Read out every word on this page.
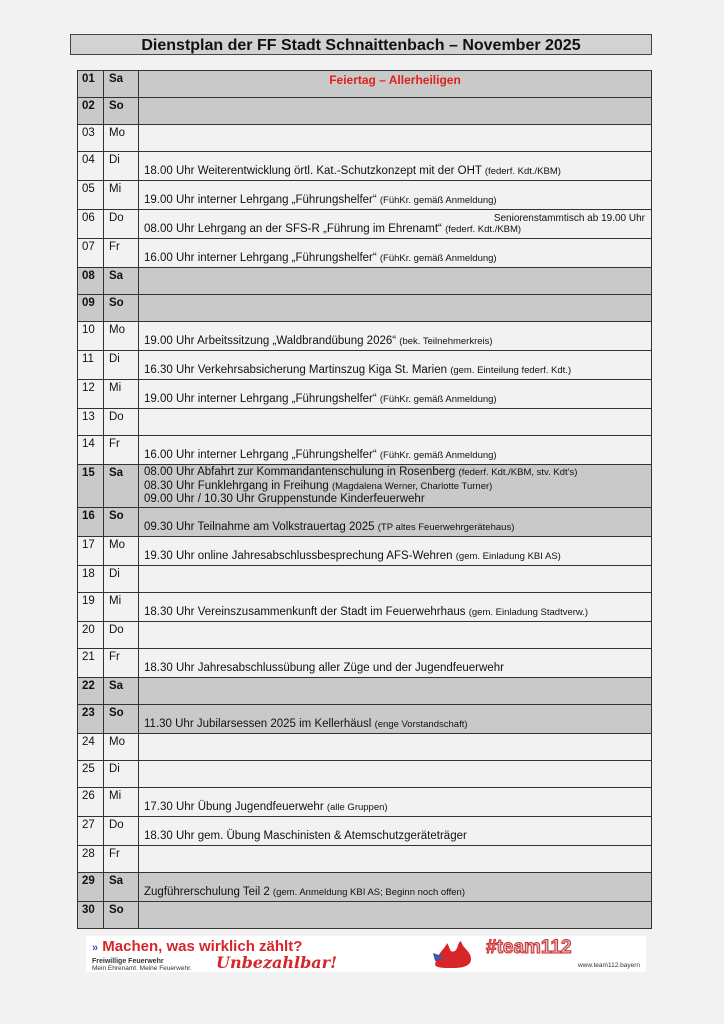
Dienstplan der FF Stadt Schnaittenbach – November 2025
01	Sa	Feiertag – Allerheiligen

02	So	
03	Mo	
04	Di	18.00 Uhr Weiterentwicklung örtl. Kat.-Schutzkonzept mit der OHT (federf. Kdt./KBM)

05	Mi	19.00 Uhr interner Lehrgang „Führungshelfer“ (FühKr. gemäß Anmeldung)

06	Do	Seniorenstammtisch ab 19.00 Uhr
08.00 Uhr Lehrgang an der SFS-R „Führung im Ehrenamt“ (federf. Kdt./KBM)

07	Fr	16.00 Uhr interner Lehrgang „Führungshelfer“ (FühKr. gemäß Anmeldung)

08	Sa	
09	So	
10	Mo	19.00 Uhr Arbeitssitzung „Waldbrandübung 2026“ (bek. Teilnehmerkreis)

11	Di	16.30 Uhr Verkehrsabsicherung Martinszug Kiga St. Marien (gem. Einteilung federf. Kdt.)

12	Mi	19.00 Uhr interner Lehrgang „Führungshelfer“ (FühKr. gemäß Anmeldung)

13	Do	
14	Fr	16.00 Uhr interner Lehrgang „Führungshelfer“ (FühKr. gemäß Anmeldung)

15	Sa	08.00 Uhr Abfahrt zur Kommandantenschulung in Rosenberg (federf. Kdt./KBM, stv. Kdt's)
08.30 Uhr Funklehrgang in Freihung (Magdalena Werner, Charlotte Turner)
09.00 Uhr / 10.30 Uhr Gruppenstunde Kinderfeuerwehr

16	So	09.30 Uhr Teilnahme am Volkstrauertag 2025 (TP altes Feuerwehrgerätehaus)

17	Mo	19.30 Uhr online Jahresabschlussbesprechung AFS-Wehren (gem. Einladung KBI AS)

18	Di	
19	Mi	18.30 Uhr Vereinszusammenkunft der Stadt im Feuerwehrhaus (gem. Einladung Stadtverw.)

20	Do	
21	Fr	18.30 Uhr Jahresabschlussübung aller Züge und der Jugendfeuerwehr

22	Sa	
23	So	11.30 Uhr Jubilarsessen 2025 im Kellerhäusl (enge Vorstandschaft)

24	Mo	
25	Di	
26	Mi	17.30 Uhr Übung Jugendfeuerwehr (alle Gruppen)

27	Do	18.30 Uhr gem. Übung Maschinisten & Atemschutzgeräteträger

28	Fr	
29	Sa	Zugführerschulung Teil 2 (gem. Anmeldung KBI AS; Beginn noch offen)

30	So	
» Machen, was wirklich zählt?
Freiwillige Feuerwehr
Mein Ehrenamt. Meine Feuerwehr. Unbezahlbar!
#team112
www.team112.bayern
